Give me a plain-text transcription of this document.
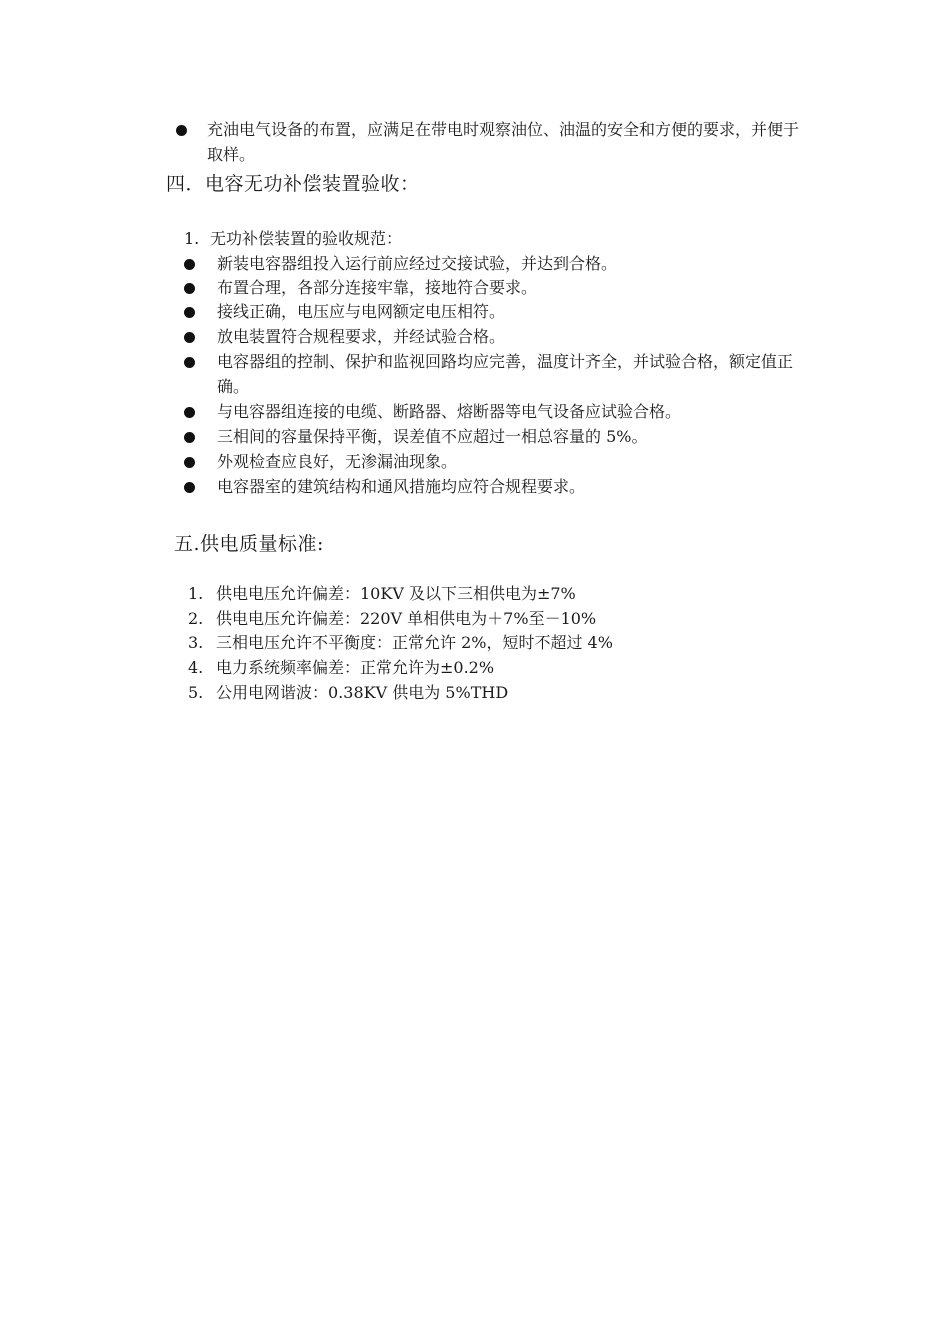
充油电气设备的布置，应满足在带电时观察油位、油温的安全和方便的要求，并便于取样。
四．电容无功补偿装置验收：
1. 无功补偿装置的验收规范：
新装电容器组投入运行前应经过交接试验，并达到合格。
布置合理，各部分连接牢靠，接地符合要求。
接线正确，电压应与电网额定电压相符。
放电装置符合规程要求，并经试验合格。
电容器组的控制、保护和监视回路均应完善，温度计齐全，并试验合格，额定值正确。
与电容器组连接的电缆、断路器、熔断器等电气设备应试验合格。
三相间的容量保持平衡，误差值不应超过一相总容量的 5%。
外观检查应良好，无渗漏油现象。
电容器室的建筑结构和通风措施均应符合规程要求。
五.供电质量标准:
1. 供电电压允许偏差：10KV 及以下三相供电为±7%
2. 供电电压允许偏差：220V 单相供电为＋7%至－10%
3. 三相电压允许不平衡度：正常允许 2%，短时不超过 4%
4. 电力系统频率偏差：正常允许为±0.2%
5. 公用电网谐波：0.38KV 供电为 5%THD
